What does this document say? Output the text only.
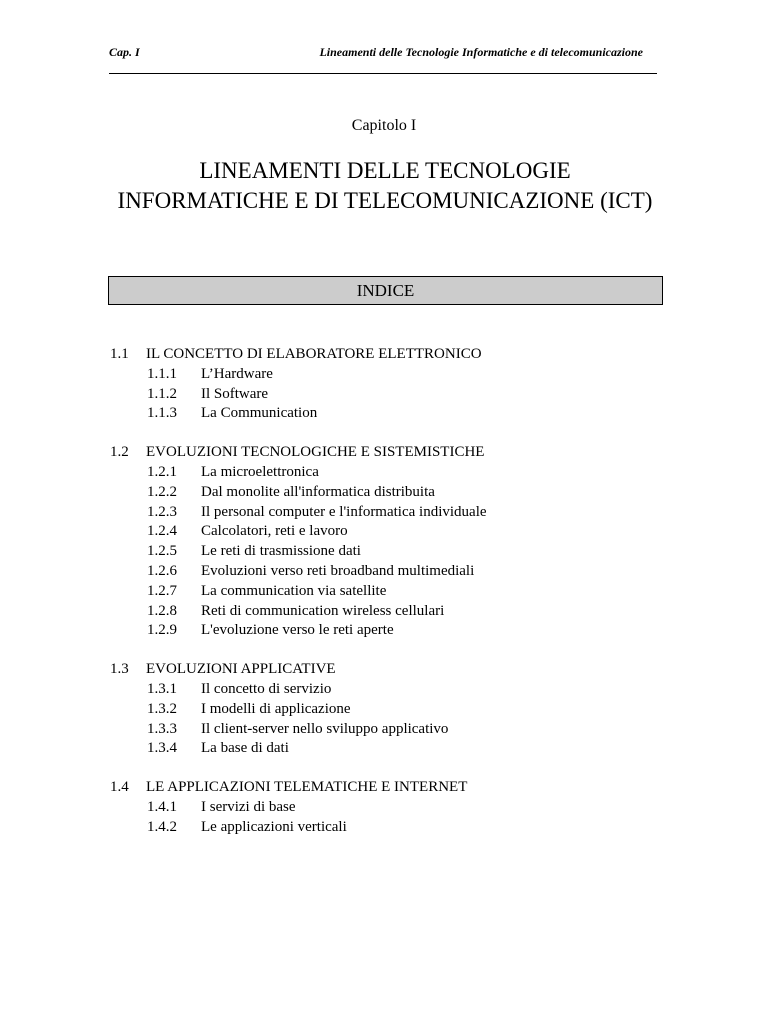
Cap. I	Lineamenti delle Tecnologie Informatiche e di telecomunicazione
Capitolo I
LINEAMENTI DELLE TECNOLOGIE
INFORMATICHE E DI TELECOMUNICAZIONE (ICT)
INDICE
1.1 IL CONCETTO DI ELABORATORE ELETTRONICO
1.1.1 L’Hardware
1.1.2 Il Software
1.1.3 La Communication
1.2 EVOLUZIONI TECNOLOGICHE E SISTEMISTICHE
1.2.1 La microelettronica
1.2.2 Dal monolite all'informatica distribuita
1.2.3 Il personal computer e l'informatica individuale
1.2.4 Calcolatori, reti e lavoro
1.2.5 Le reti di trasmissione dati
1.2.6 Evoluzioni verso reti broadband multimediali
1.2.7 La communication via satellite
1.2.8 Reti di communication wireless cellulari
1.2.9 L'evoluzione verso le reti aperte
1.3 EVOLUZIONI APPLICATIVE
1.3.1 Il concetto di servizio
1.3.2 I modelli di applicazione
1.3.3 Il client-server nello sviluppo applicativo
1.3.4 La base di dati
1.4 LE APPLICAZIONI TELEMATICHE E INTERNET
1.4.1 I servizi di base
1.4.2 Le applicazioni verticali
